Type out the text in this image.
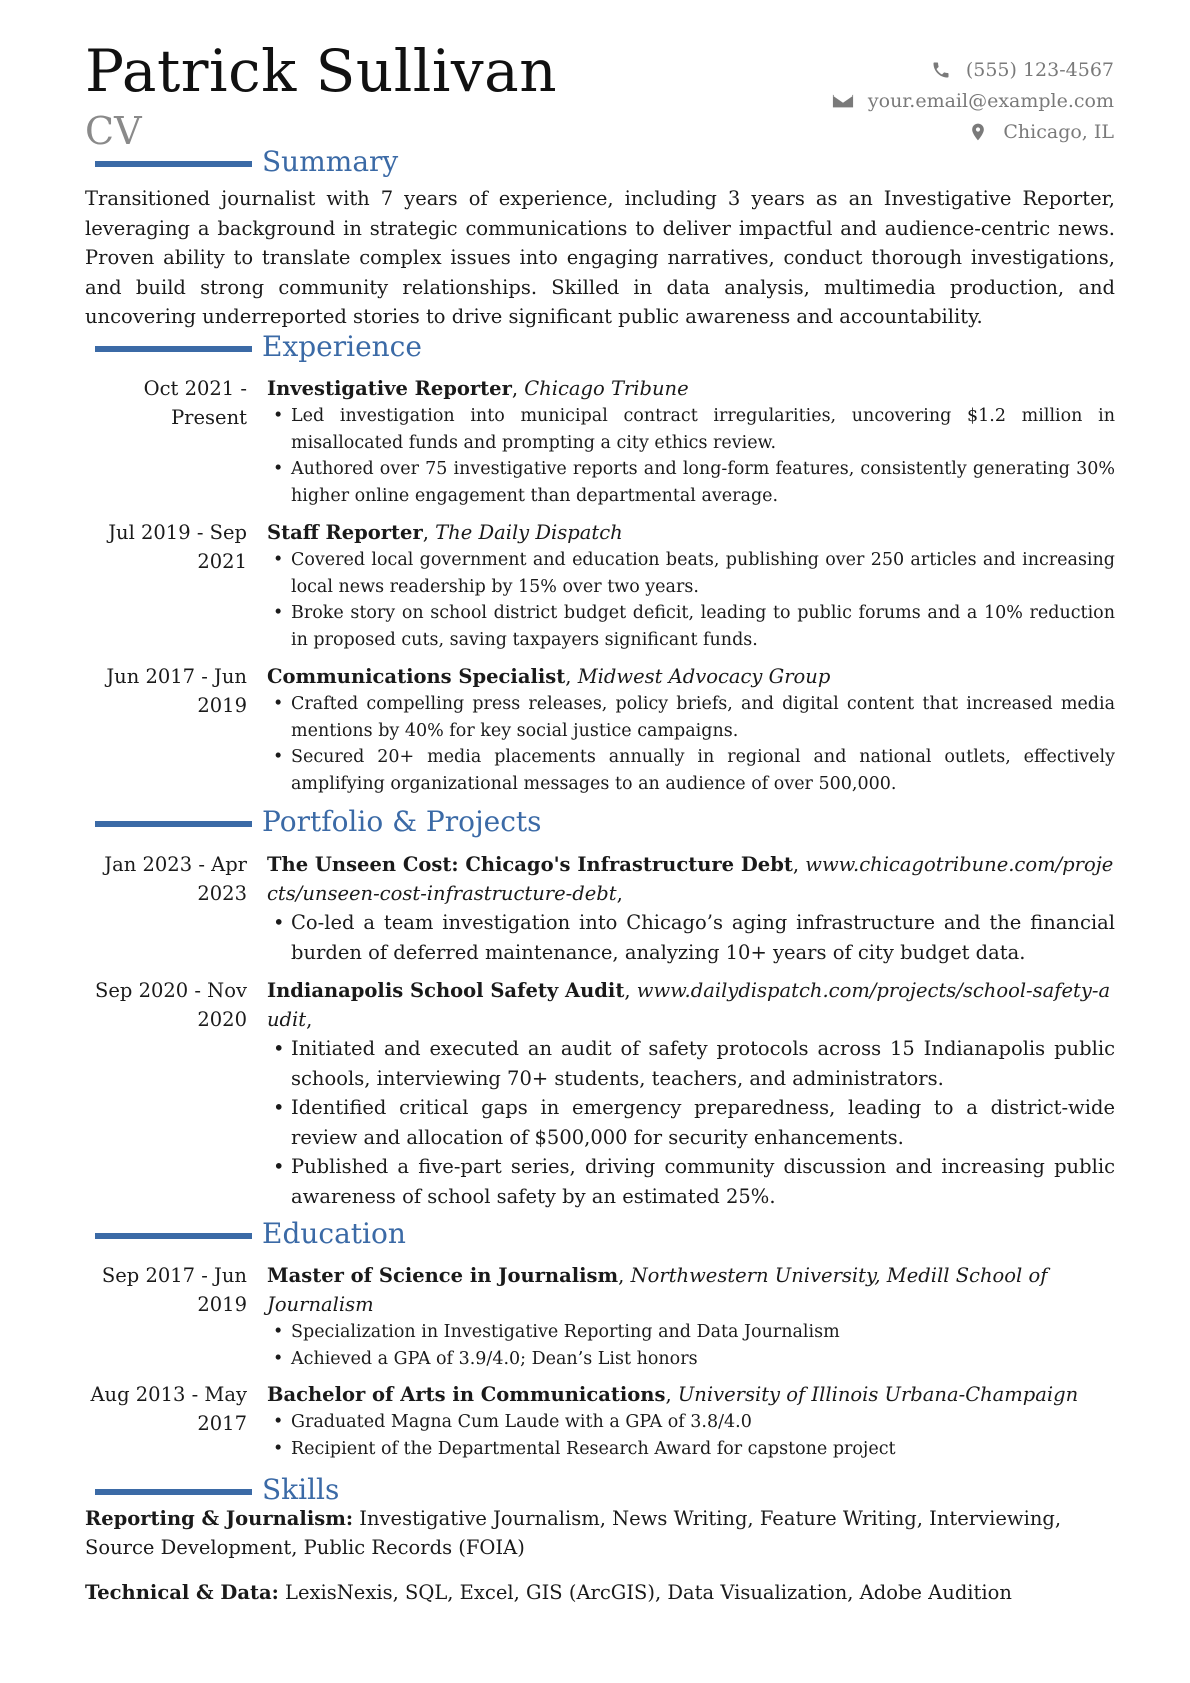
Patrick Sullivan
CV
(555) 123-4567
your.email@example.com
Chicago, IL
Summary
Transitioned journalist with 7 years of experience, including 3 years as an Investigative Reporter, leveraging a background in strategic communications to deliver impactful and audience-centric news. Proven ability to translate complex issues into engaging narratives, conduct thorough investigations, and build strong community relationships. Skilled in data analysis, multimedia production, and uncovering underreported stories to drive significant public awareness and accountability.
Experience
Oct 2021 - Present
Investigative Reporter, Chicago Tribune
• Led investigation into municipal contract irregularities, uncovering $1.2 million in misallocated funds and prompting a city ethics review.
• Authored over 75 investigative reports and long-form features, consistently generating 30% higher online engagement than departmental average.
Jul 2019 - Sep 2021
Staff Reporter, The Daily Dispatch
• Covered local government and education beats, publishing over 250 articles and increasing local news readership by 15% over two years.
• Broke story on school district budget deficit, leading to public forums and a 10% reduction in proposed cuts, saving taxpayers significant funds.
Jun 2017 - Jun 2019
Communications Specialist, Midwest Advocacy Group
• Crafted compelling press releases, policy briefs, and digital content that increased media mentions by 40% for key social justice campaigns.
• Secured 20+ media placements annually in regional and national outlets, effectively amplifying organizational messages to an audience of over 500,000.
Portfolio & Projects
Jan 2023 - Apr 2023
The Unseen Cost: Chicago's Infrastructure Debt, www.chicagotribune.com/projects/unseen-cost-infrastructure-debt,
• Co-led a team investigation into Chicago’s aging infrastructure and the financial burden of deferred maintenance, analyzing 10+ years of city budget data.
Sep 2020 - Nov 2020
Indianapolis School Safety Audit, www.dailydispatch.com/projects/school-safety-audit,
• Initiated and executed an audit of safety protocols across 15 Indianapolis public schools, interviewing 70+ students, teachers, and administrators.
• Identified critical gaps in emergency preparedness, leading to a district-wide review and allocation of $500,000 for security enhancements.
• Published a five-part series, driving community discussion and increasing public awareness of school safety by an estimated 25%.
Education
Sep 2017 - Jun 2019
Master of Science in Journalism, Northwestern University, Medill School of Journalism
• Specialization in Investigative Reporting and Data Journalism
• Achieved a GPA of 3.9/4.0; Dean’s List honors
Aug 2013 - May 2017
Bachelor of Arts in Communications, University of Illinois Urbana-Champaign
• Graduated Magna Cum Laude with a GPA of 3.8/4.0
• Recipient of the Departmental Research Award for capstone project
Skills
Reporting & Journalism: Investigative Journalism, News Writing, Feature Writing, Interviewing, Source Development, Public Records (FOIA)
Technical & Data: LexisNexis, SQL, Excel, GIS (ArcGIS), Data Visualization, Adobe Audition
